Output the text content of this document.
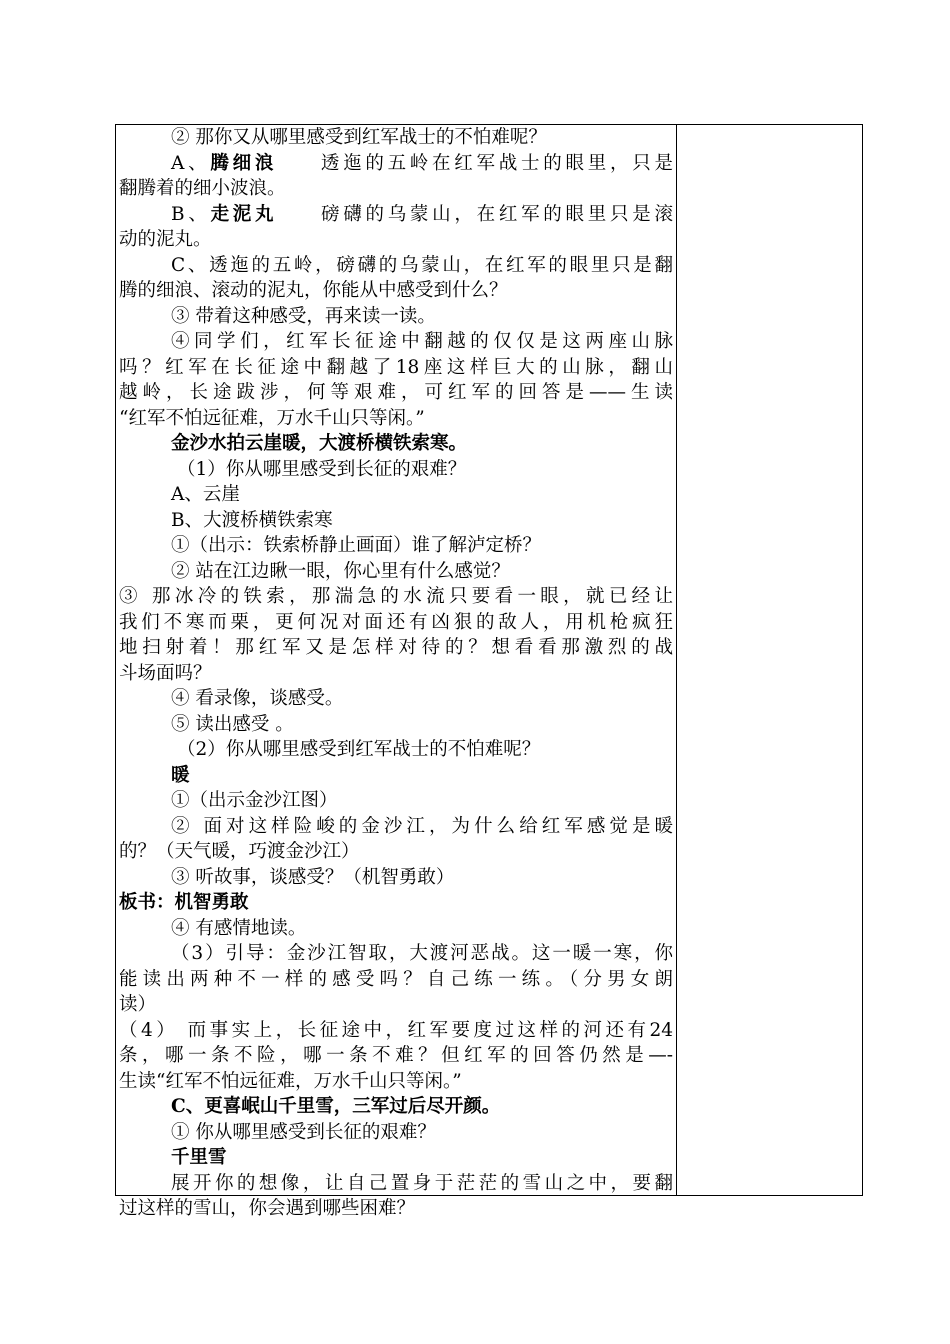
② 那你又从哪里感受到红军战士的不怕难呢？
A、腾细浪 透迤的五岭在红军战士的眼里，只是
翻腾着的细小波浪。
B、走泥丸 磅礴的乌蒙山，在红军的眼里只是滚
动的泥丸。
C、透迤的五岭，磅礴的乌蒙山，在红军的眼里只是翻
腾的细浪、滚动的泥丸，你能从中感受到什么？
③ 带着这种感受，再来读一读。
④同学们，红军长征途中翻越的仅仅是这两座山脉
吗？红军在长征途中翻越了18座这样巨大的山脉，翻山
越岭，长途跋涉，何等艰难，可红军的回答是——生读
“红军不怕远征难，万水千山只等闲。”
金沙水拍云崖暖，大渡桥横铁索寒。
（1）你从哪里感受到长征的艰难？
A、云崖
B、大渡桥横铁索寒
①（出示：铁索桥静止画面）谁了解泸定桥？
② 站在江边瞅一眼，你心里有什么感觉？
③ 那冰冷的铁索，那湍急的水流只要看一眼，就已经让
我们不寒而栗，更何况对面还有凶狠的敌人，用机枪疯狂
地扫射着！那红军又是怎样对待的？想看看那激烈的战
斗场面吗？
④ 看录像，谈感受。
⑤ 读出感受 。
（2）你从哪里感受到红军战士的不怕难呢？
暖
①（出示金沙江图）
② 面对这样险峻的金沙江，为什么给红军感觉是暖
的？（天气暖，巧渡金沙江）
③ 听故事，谈感受？（机智勇敢）
板书：机智勇敢
④ 有感情地读。
（3）引导：金沙江智取，大渡河恶战。这一暖一寒，你
能读出两种不一样的感受吗？自己练一练。（分男女朗
读）
（4） 而事实上，长征途中，红军要度过这样的河还有24
条，哪一条不险，哪一条不难？但红军的回答仍然是—-
生读“红军不怕远征难，万水千山只等闲。”
C、更喜岷山千里雪，三军过后尽开颜。
① 你从哪里感受到长征的艰难？
千里雪
展开你的想像，让自己置身于茫茫的雪山之中，要翻
过这样的雪山，你会遇到哪些困难？
